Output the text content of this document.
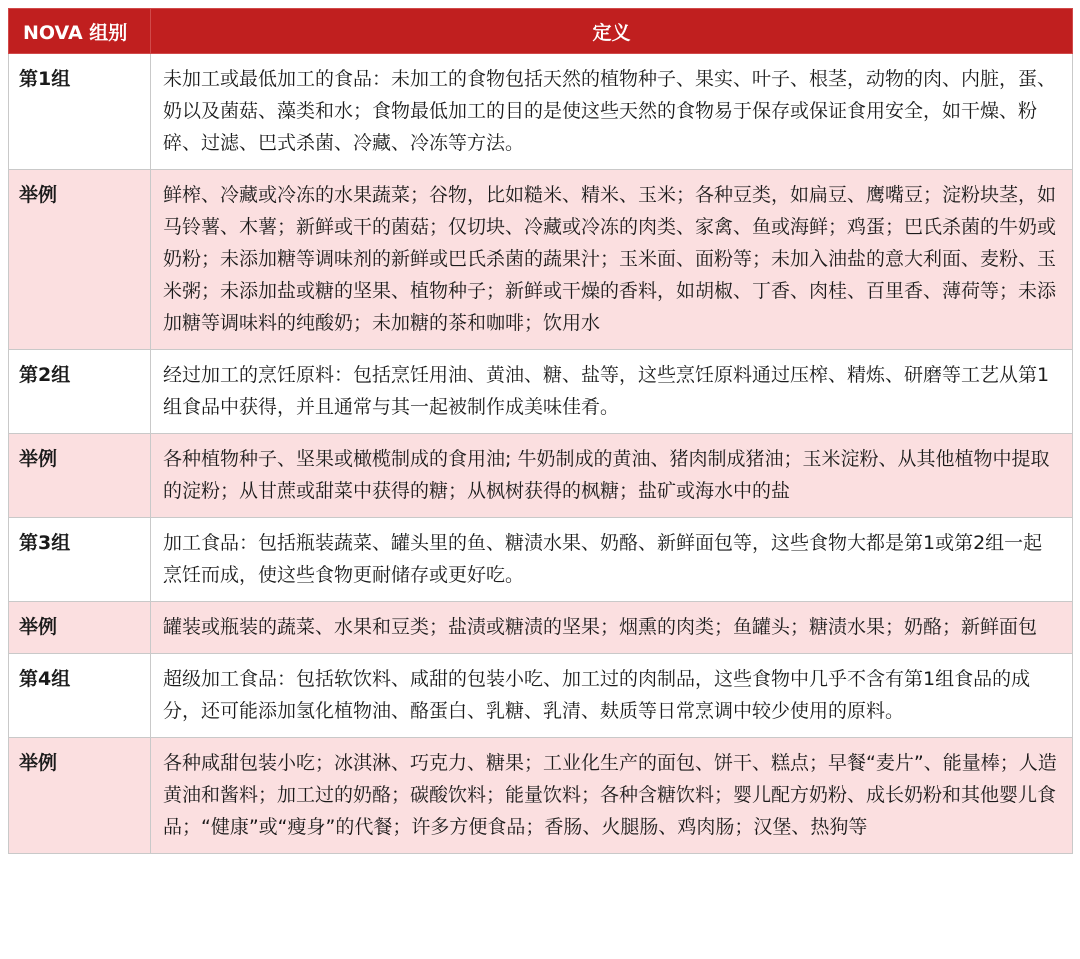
NOVA 组别	定义
第1组	未加工或最低加工的食品：未加工的食物包括天然的植物种子、果实、叶子、根茎，动物的肉、内脏，蛋、奶以及菌菇、藻类和水；食物最低加工的目的是使这些天然的食物易于保存或保证食用安全，如干燥、粉碎、过滤、巴式杀菌、冷藏、冷冻等方法。
举例	鲜榨、冷藏或冷冻的水果蔬菜；谷物，比如糙米、精米、玉米；各种豆类，如扁豆、鹰嘴豆；淀粉块茎，如马铃薯、木薯；新鲜或干的菌菇；仅切块、冷藏或冷冻的肉类、家禽、鱼或海鲜；鸡蛋；巴氏杀菌的牛奶或奶粉；未添加糖等调味剂的新鲜或巴氏杀菌的蔬果汁；玉米面、面粉等；未加入油盐的意大利面、麦粉、玉米粥；未添加盐或糖的坚果、植物种子；新鲜或干燥的香料，如胡椒、丁香、肉桂、百里香、薄荷等；未添加糖等调味料的纯酸奶；未加糖的茶和咖啡；饮用水
第2组	经过加工的烹饪原料：包括烹饪用油、黄油、糖、盐等，这些烹饪原料通过压榨、精炼、研磨等工艺从第1组食品中获得，并且通常与其一起被制作成美味佳肴。
举例	各种植物种子、坚果或橄榄制成的食用油; 牛奶制成的黄油、猪肉制成猪油；玉米淀粉、从其他植物中提取的淀粉；从甘蔗或甜菜中获得的糖；从枫树获得的枫糖；盐矿或海水中的盐
第3组	加工食品：包括瓶装蔬菜、罐头里的鱼、糖渍水果、奶酪、新鲜面包等，这些食物大都是第1或第2组一起烹饪而成，使这些食物更耐储存或更好吃。
举例	罐装或瓶装的蔬菜、水果和豆类；盐渍或糖渍的坚果；烟熏的肉类；鱼罐头；糖渍水果；奶酪；新鲜面包
第4组	超级加工食品：包括软饮料、咸甜的包装小吃、加工过的肉制品，这些食物中几乎不含有第1组食品的成分，还可能添加氢化植物油、酪蛋白、乳糖、乳清、麸质等日常烹调中较少使用的原料。
举例	各种咸甜包装小吃；冰淇淋、巧克力、糖果；工业化生产的面包、饼干、糕点；早餐“麦片”、能量棒；人造黄油和酱料；加工过的奶酪；碳酸饮料；能量饮料；各种含糖饮料；婴儿配方奶粉、成长奶粉和其他婴儿食品；“健康”或“瘦身”的代餐；许多方便食品；香肠、火腿肠、鸡肉肠；汉堡、热狗等
